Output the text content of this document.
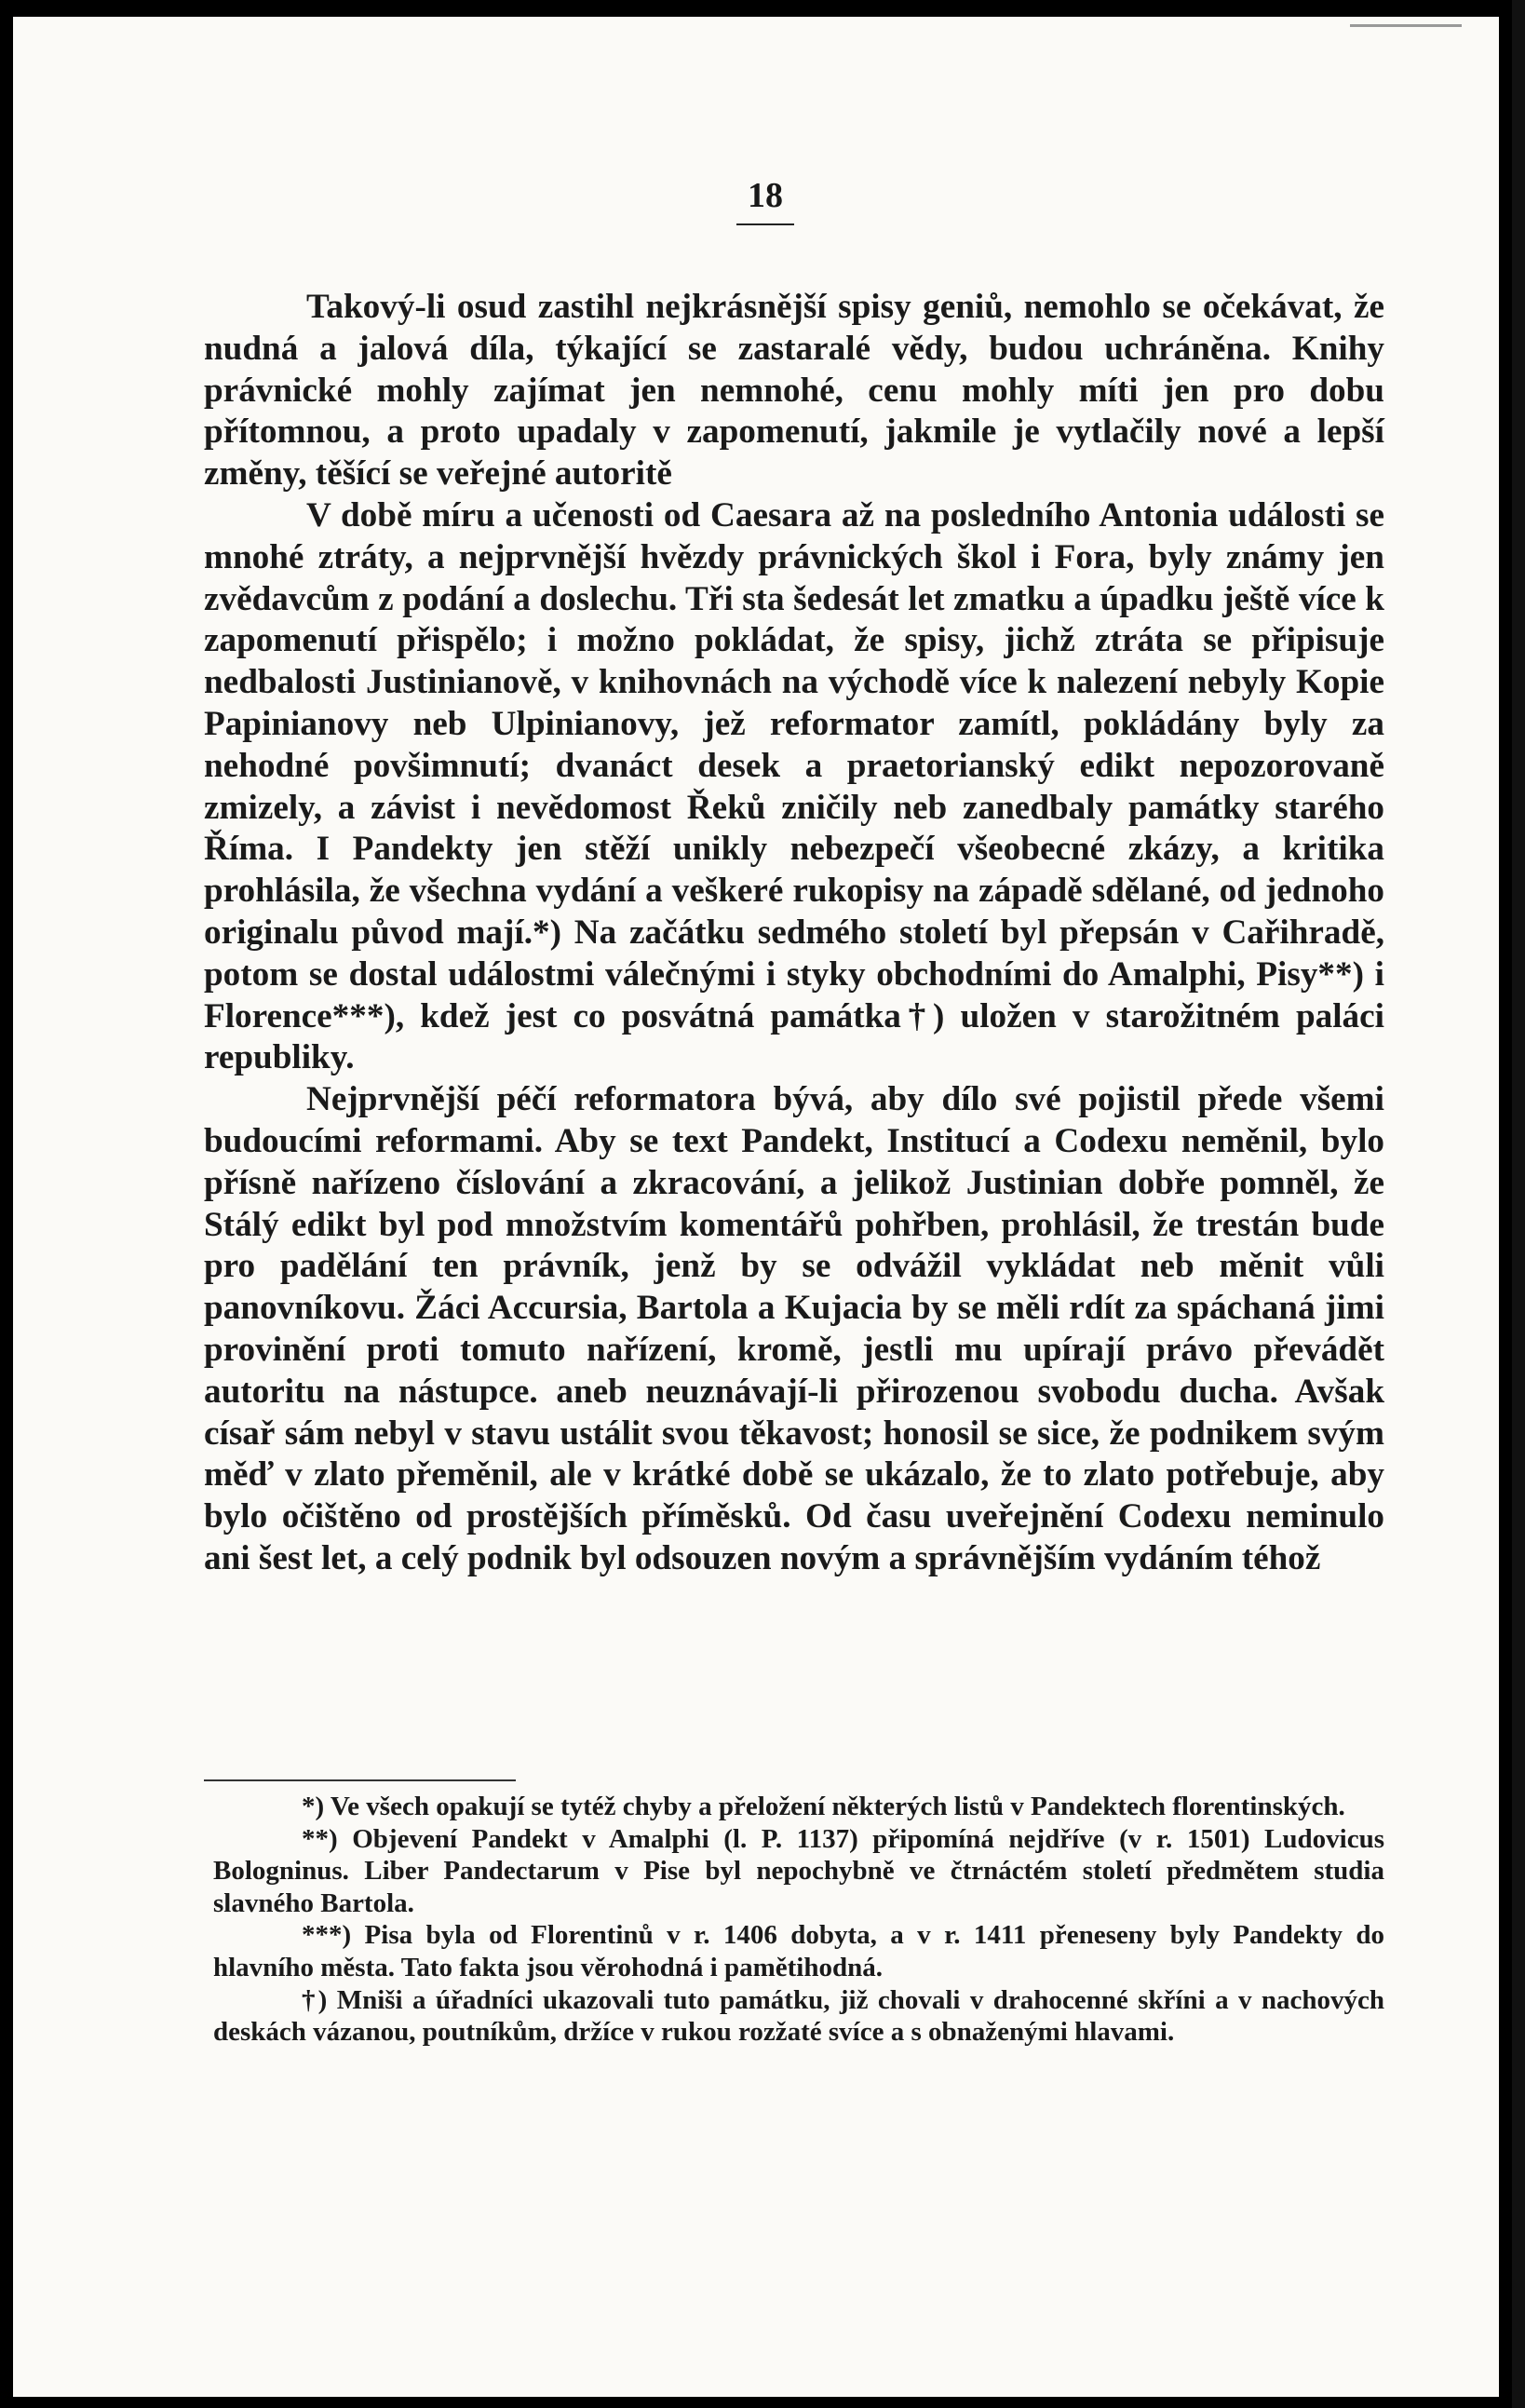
18

Takový-li osud zastihl nejkrásnější spisy geniů, nemohlo se očekávat, že nudná a jalová díla, týkající se zastaralé vědy, budou uchráněna. Knihy právnické mohly zajímat jen nemnohé, cenu mohly míti jen pro dobu přítomnou, a proto upadaly v zapomenutí, jakmile je vytlačily nové a lepší změny, těšící se veřejné autoritě

V době míru a učenosti od Caesara až na posledního Antonia události se mnohé ztráty, a nejprvnější hvězdy právnických škol i Fora, byly známy jen zvědavcům z podání a doslechu. Tři sta šedesát let zmatku a úpadku ještě více k zapomenutí přispělo; i možno pokládat, že spisy, jichž ztráta se připisuje nedbalosti Justinianově, v knihovnách na východě více k nalezení nebyly Kopie Papinianovy neb Ulpinianovy, jež reformator zamítl, pokládány byly za nehodné povšimnutí; dvanáct desek a praetorianský edikt nepozorovaně zmizely, a závist i nevědomost Řeků zničily neb zanedbaly památky starého Říma. I Pandekty jen stěží unikly nebezpečí všeobecné zkázy, a kritika prohlásila, že všechna vydání a veškeré rukopisy na západě sdělané, od jednoho originalu původ mají.*) Na začátku sedmého století byl přepsán v Cařihradě, potom se dostal událostmi válečnými i styky obchodními do Amalphi, Pisy**) i Florence***), kdež jest co posvátná památka†) uložen v starožitném paláci republiky.

Nejprvnější péčí reformatora bývá, aby dílo své pojistil přede všemi budoucími reformami. Aby se text Pandekt, Institucí a Codexu neměnil, bylo přísně nařízeno číslování a zkracování, a jelikož Justinian dobře pomněl, že Stálý edikt byl pod množstvím komentářů pohřben, prohlásil, že trestán bude pro padělání ten právník, jenž by se odvážil vykládat neb měnit vůli panovníkovu. Žáci Accursia, Bartola a Kujacia by se měli rdít za spáchaná jimi provinění proti tomuto nařízení, kromě, jestli mu upírají právo převádět autoritu na nástupce. aneb neuznávají-li přirozenou svobodu ducha. Avšak císař sám nebyl v stavu ustálit svou těkavost; honosil se sice, že podnikem svým měď v zlato přeměnil, ale v krátké době se ukázalo, že to zlato potřebuje, aby bylo očištěno od prostějších příměsků. Od času uveřejnění Codexu neminulo ani šest let, a celý podnik byl odsouzen novým a správnějším vydáním téhož

*) Ve všech opakují se tytéž chyby a přeložení některých listů v Pandektech florentinských.

**) Objevení Pandekt v Amalphi (l. P. 1137) připomíná nejdříve (v r. 1501) Ludovicus Bologninus. Liber Pandectarum v Pise byl nepochybně ve čtrnáctém století předmětem studia slavného Bartola.

***) Pisa byla od Florentinů v r. 1406 dobyta, a v r. 1411 přeneseny byly Pandekty do hlavního města. Tato fakta jsou věrohodná i pamětihodná.

†) Mniši a úřadníci ukazovali tuto památku, již chovali v drahocenné skříni a v nachových deskách vázanou, poutníkům, držíce v rukou rozžaté svíce a s obnaženými hlavami.
